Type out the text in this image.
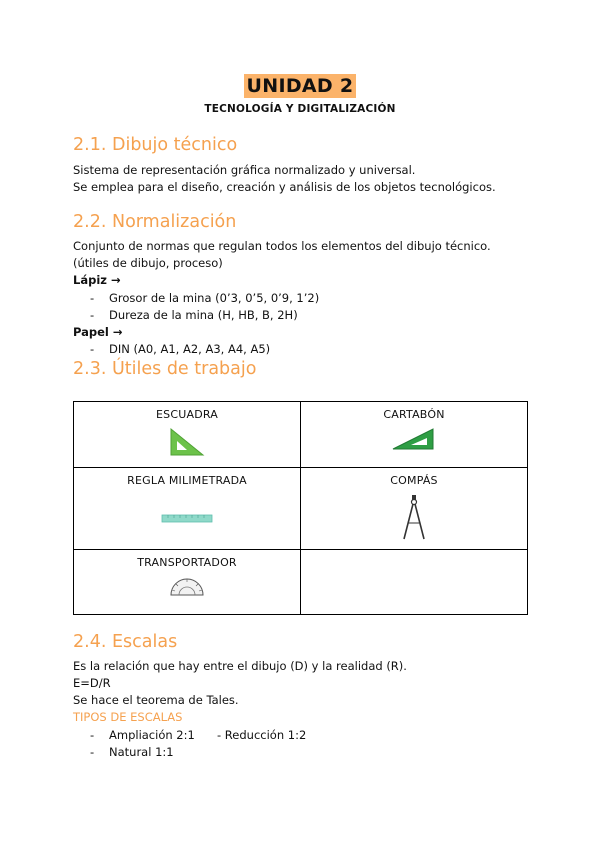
UNIDAD 2
TECNOLOGÍA Y DIGITALIZACIÓN
2.1. Dibujo técnico
Sistema de representación gráfica normalizado y universal.
Se emplea para el diseño, creación y análisis de los objetos tecnológicos.
2.2. Normalización
Conjunto de normas que regulan todos los elementos del dibujo técnico.
(útiles de dibujo, proceso)
Lápiz →
- Grosor de la mina (0’3, 0’5, 0’9, 1’2)
- Dureza de la mina (H, HB, B, 2H)
Papel →
- DIN (A0, A1, A2, A3, A4, A5)
2.3. Útiles de trabajo
ESCUADRA	CARTABÓN

REGLA MILIMETRADA	COMPÁS

TRANSPORTADOR	

2.4. Escalas
Es la relación que hay entre el dibujo (D) y la realidad (R).
E=D/R
Se hace el teorema de Tales.
TIPOS DE ESCALAS
- Ampliación 2:1 - Reducción 1:2
- Natural 1:1
